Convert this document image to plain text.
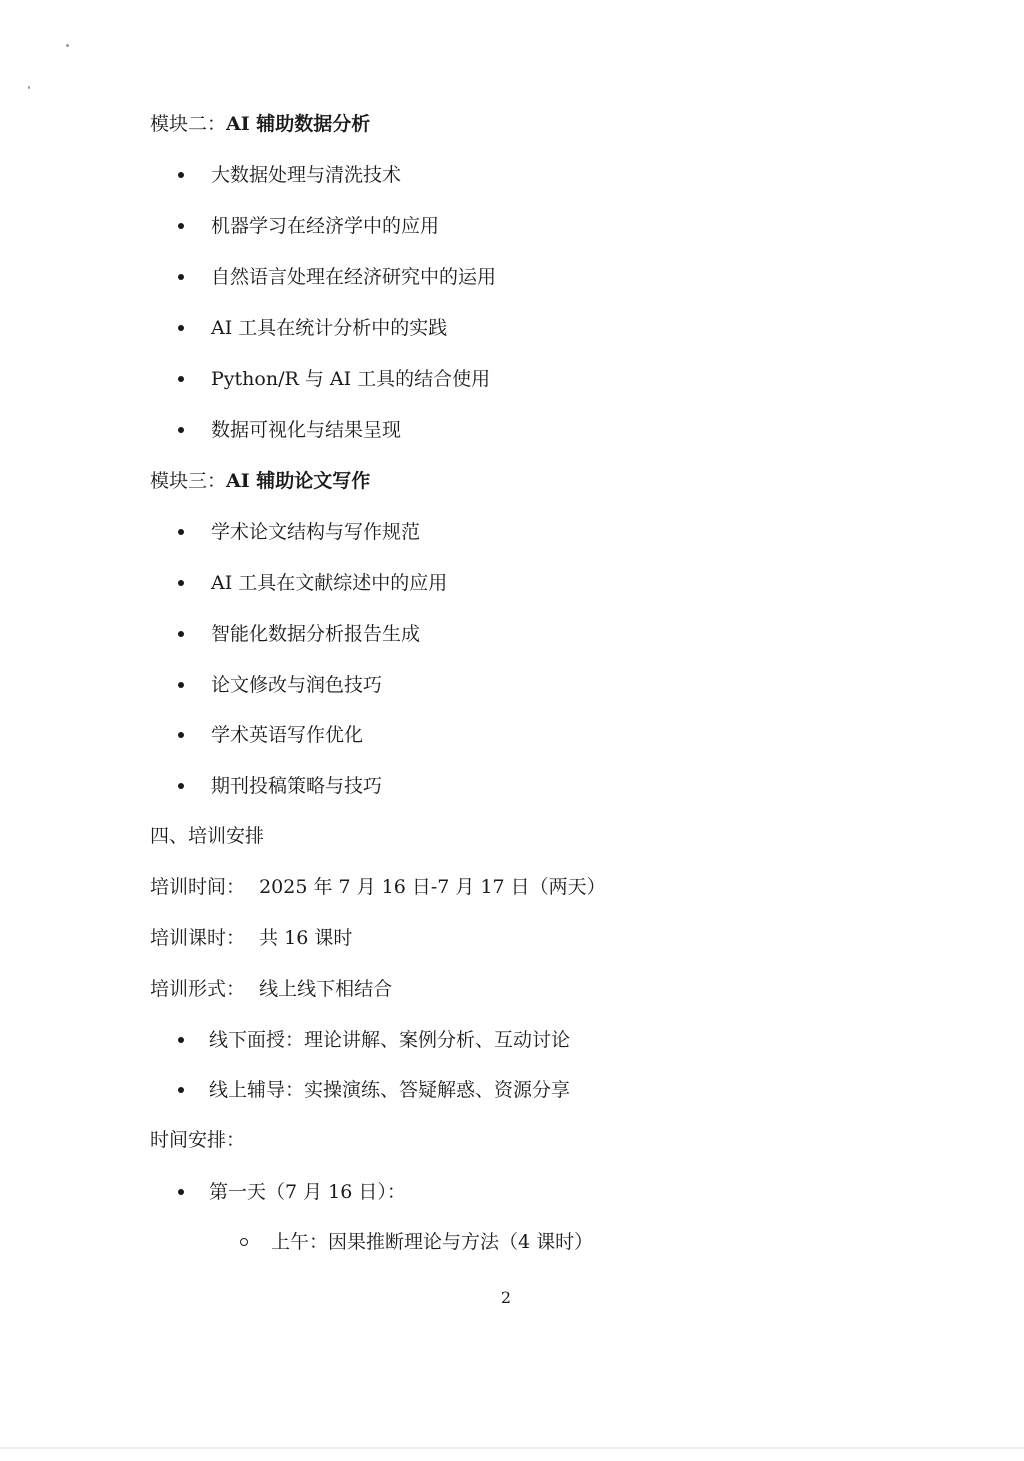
模块二：AI 辅助数据分析
大数据处理与清洗技术
机器学习在经济学中的应用
自然语言处理在经济研究中的运用
AI 工具在统计分析中的实践
Python/R 与 AI 工具的结合使用
数据可视化与结果呈现
模块三：AI 辅助论文写作
学术论文结构与写作规范
AI 工具在文献综述中的应用
智能化数据分析报告生成
论文修改与润色技巧
学术英语写作优化
期刊投稿策略与技巧
四、培训安排
培训时间： 2025 年 7 月 16 日-7 月 17 日（两天）
培训课时： 共 16 课时
培训形式： 线上线下相结合
线下面授：理论讲解、案例分析、互动讨论
线上辅导：实操演练、答疑解惑、资源分享
时间安排：
第一天（7 月 16 日）：
上午：因果推断理论与方法（4 课时）
2
